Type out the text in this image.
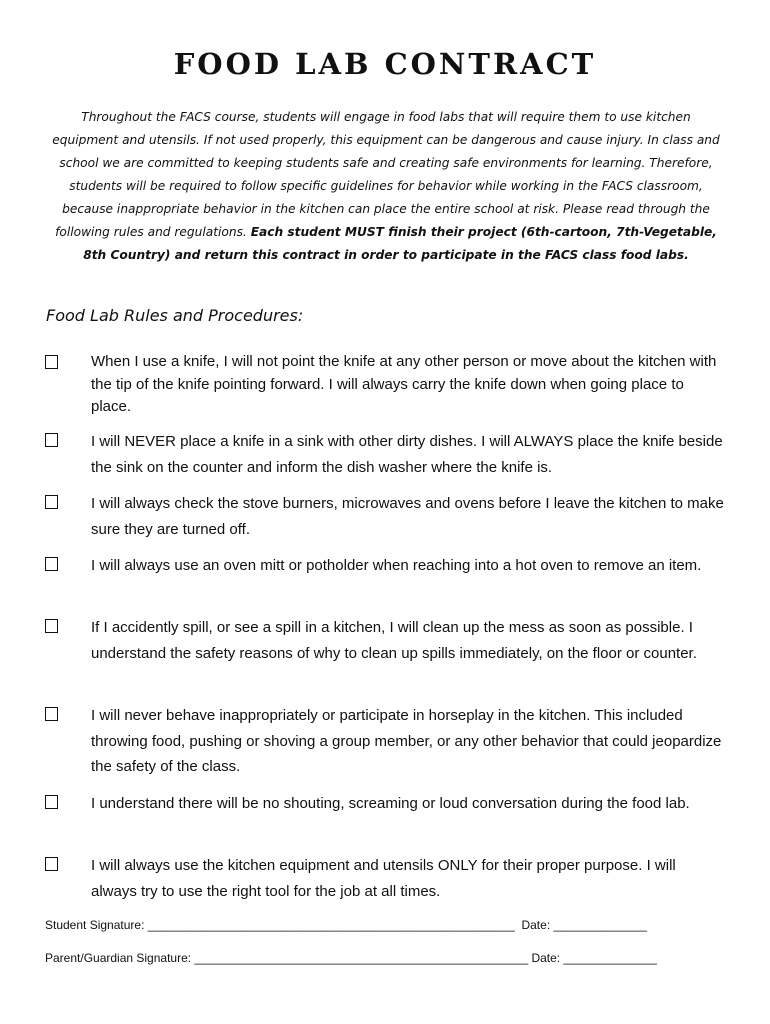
FOOD LAB CONTRACT
Throughout the FACS course, students will engage in food labs that will require them to use kitchen equipment and utensils. If not used properly, this equipment can be dangerous and cause injury. In class and school we are committed to keeping students safe and creating safe environments for learning. Therefore, students will be required to follow specific guidelines for behavior while working in the FACS classroom, because inappropriate behavior in the kitchen can place the entire school at risk. Please read through the following rules and regulations. Each student MUST finish their project (6th-cartoon, 7th-Vegetable, 8th Country) and return this contract in order to participate in the FACS class food labs.
Food Lab Rules and Procedures:
When I use a knife, I will not point the knife at any other person or move about the kitchen with the tip of the knife pointing forward. I will always carry the knife down when going place to place.
I will NEVER place a knife in a sink with other dirty dishes. I will ALWAYS place the knife beside the sink on the counter and inform the dish washer where the knife is.
I will always check the stove burners, microwaves and ovens before I leave the kitchen to make sure they are turned off.
I will always use an oven mitt or potholder when reaching into a hot oven to remove an item.
If I accidently spill, or see a spill in a kitchen, I will clean up the mess as soon as possible. I understand the safety reasons of why to clean up spills immediately, on the floor or counter.
I will never behave inappropriately or participate in horseplay in the kitchen. This included throwing food, pushing or shoving a group member, or any other behavior that could jeopardize the safety of the class.
I understand there will be no shouting, screaming or loud conversation during the food lab.
I will always use the kitchen equipment and utensils ONLY for their proper purpose. I will always try to use the right tool for the job at all times.
Student Signature: _______________________________________________________  Date: ______________
Parent/Guardian Signature: __________________________________________________ Date: ______________
